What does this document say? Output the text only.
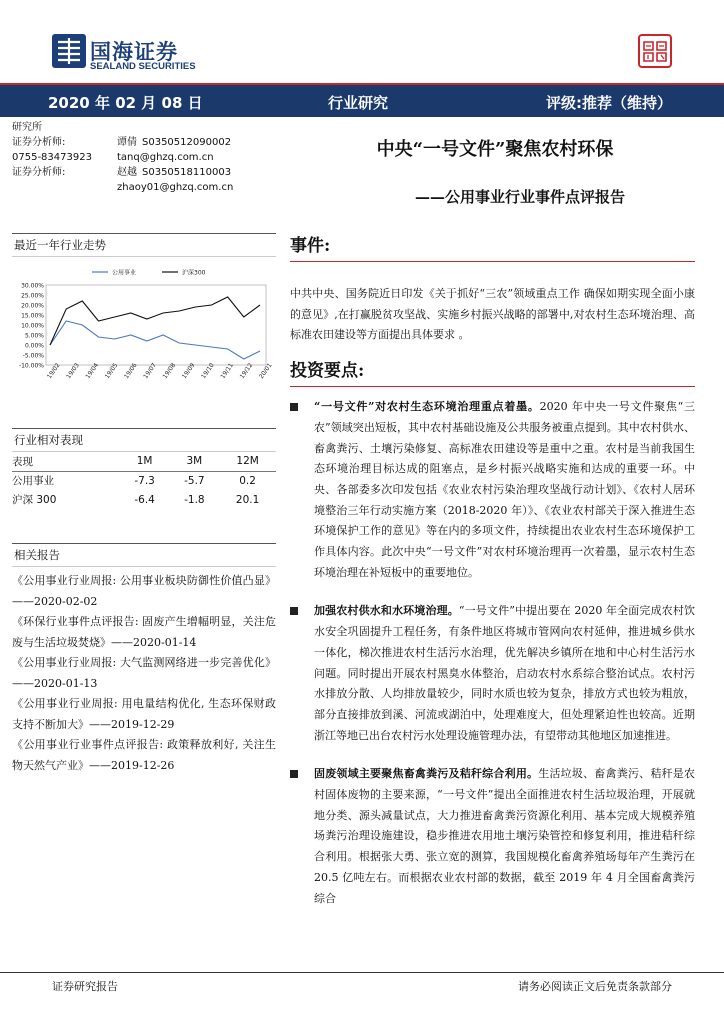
国海证券
SEALAND SECURITIES
2020 年 02 月 08 日	行业研究	评级:推荐（维持）
研究所
证券分析师:	谭倩 S0350512090002
0755-83473923	tanq@ghzq.com.cn
证券分析师:	赵越 S0350518110003
zhaoy01@ghzq.com.cn
中央“一号文件”聚焦农村环保
——公用事业行业事件点评报告
最近一年行业走势
30.00%
25.00%
20.00%
15.00%
10.00%
5.00%
0.00%
-5.00%
-10.00% 19/02 19/03 19/04 19/05 19/06 19/07 19/08 19/09 19/10 19/11 19/12 20/01
公用事业	沪深300
行业相对表现
表现	1M	3M	12M
公用事业	-7.3	-5.7	0.2
沪深 300	-6.4	-1.8	20.1
相关报告
《公用事业行业周报: 公用事业板块防御性价值凸显》——2020-02-02
《环保行业事件点评报告: 固废产生增幅明显，关注危废与生活垃圾焚烧》——2020-01-14
《公用事业行业周报: 大气监测网络进一步完善优化》——2020-01-13
《公用事业行业周报: 用电量结构优化, 生态环保财政支持不断加大》——2019-12-29
《公用事业行业事件点评报告: 政策释放利好, 关注生物天然气产业》——2019-12-26
事件:
中共中央、国务院近日印发《关于抓好“三农”领域重点工作 确保如期实现全面小康的意见》,在打赢脱贫攻坚战、实施乡村振兴战略的部署中,对农村生态环境治理、高标准农田建设等方面提出具体要求 。
投资要点:
“一号文件”对农村生态环境治理重点着墨。2020 年中央一号文件聚焦“三农”领域突出短板，其中农村基础设施及公共服务被重点提到。其中农村供水、畜禽粪污、土壤污染修复、高标准农田建设等是重中之重。农村是当前我国生态环境治理目标达成的阻塞点，是乡村振兴战略实施和达成的重要一环。中央、各部委多次印发包括《农业农村污染治理攻坚战行动计划》、《农村人居环境整治三年行动实施方案（2018-2020 年）》、《农业农村部关于深入推进生态环境保护工作的意见》等在内的多项文件，持续提出农业农村生态环境保护工作具体内容。此次中央“一号文件”对农村环境治理再一次着墨，显示农村生态环境治理在补短板中的重要地位。
加强农村供水和水环境治理。“一号文件”中提出要在 2020 年全面完成农村饮水安全巩固提升工程任务，有条件地区将城市管网向农村延伸，推进城乡供水一体化，梯次推进农村生活污水治理，优先解决乡镇所在地和中心村生活污水问题。同时提出开展农村黑臭水体整治，启动农村水系综合整治试点。农村污水排放分散、人均排放量较少，同时水质也较为复杂，排放方式也较为粗放，部分直接排放到溪、河流或湖泊中，处理难度大，但处理紧迫性也较高。近期浙江等地已出台农村污水处理设施管理办法，有望带动其他地区加速推进。
固废领域主要聚焦畜禽粪污及秸秆综合利用。生活垃圾、畜禽粪污、秸秆是农村固体废物的主要来源，“一号文件”提出全面推进农村生活垃圾治理，开展就地分类、源头减量试点，大力推进畜禽粪污资源化利用、基本完成大规模养殖场粪污治理设施建设，稳步推进农用地土壤污染管控和修复利用，推进秸秆综合利用。根据张大勇、张立宽的测算，我国规模化畜禽养殖场每年产生粪污在 20.5 亿吨左右。而根据农业农村部的数据，截至 2019 年 4 月全国畜禽粪污综合
证券研究报告	请务必阅读正文后免责条款部分
